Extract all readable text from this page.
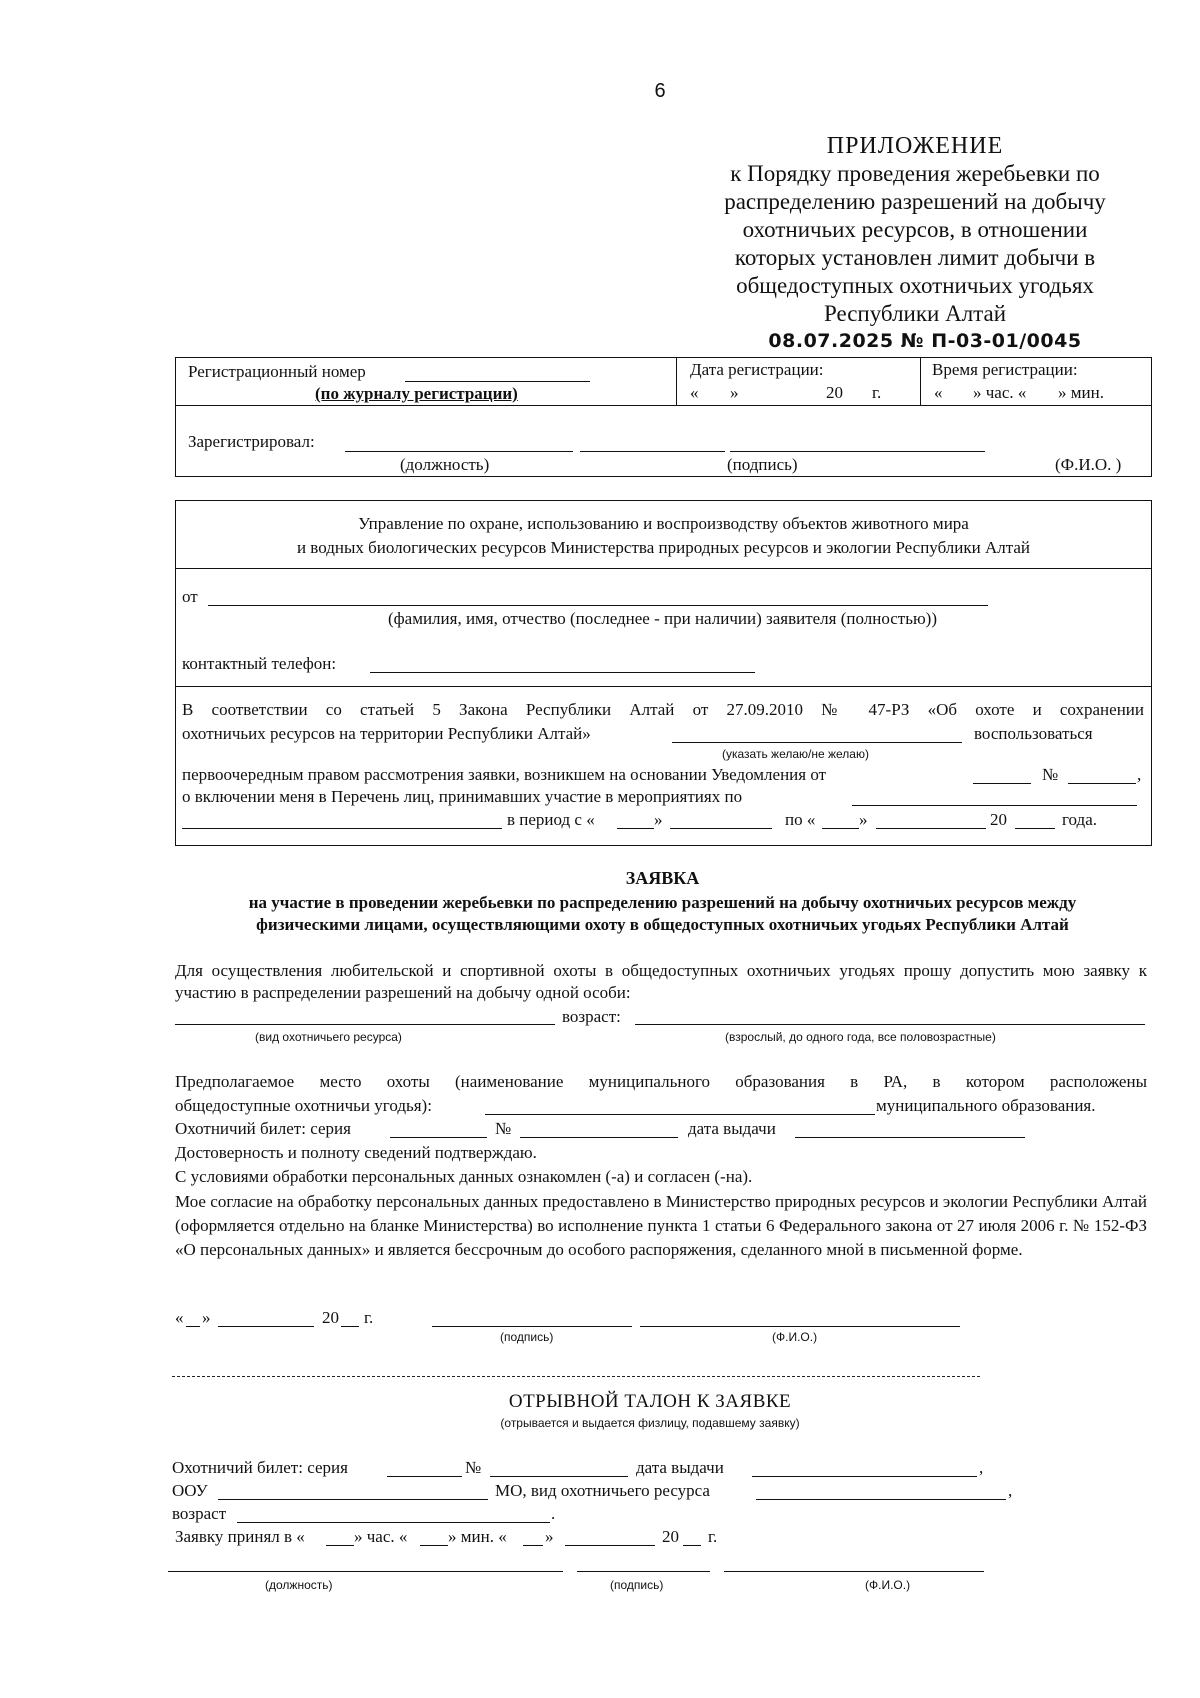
6
ПРИЛОЖЕНИЕ
к Порядку проведения жеребьевки по
распределению разрешений на добычу
охотничьих ресурсов, в отношении
которых установлен лимит добычи в
общедоступных охотничьих угодьях
Республики Алтай
08.07.2025 № П-03-01/0045
Регистрационный номер
(по журналу регистрации)
Дата регистрации:
« »	20 г.
Время регистрации:
« » час. « » мин.
Зарегистрировал:
(должность)	(подпись)	(Ф.И.О. )
Управление по охране, использованию и воспроизводству объектов животного мира
и водных биологических ресурсов Министерства природных ресурсов и экологии Республики Алтай
от
(фамилия, имя, отчество (последнее - при наличии) заявителя (полностью))
контактный телефон:
В соответствии со статьей 5 Закона Республики Алтай от 27.09.2010 № 47-РЗ «Об охоте и сохранении
охотничьих ресурсов на территории Республики Алтай»	воспользоваться
(указать желаю/не желаю)
первоочередным правом рассмотрения заявки, возникшем на основании Уведомления от	№	,
о включении меня в Перечень лиц, принимавших участие в мероприятиях по
в период с «	»	по «	»	20	года.
ЗАЯВКА
на участие в проведении жеребьевки по распределению разрешений на добычу охотничьих ресурсов между
физическими лицами, осуществляющими охоту в общедоступных охотничьих угодьях Республики Алтай
Для осуществления любительской и спортивной охоты в общедоступных охотничьих угодьях прошу допустить мою заявку к участию в распределении разрешений на добычу одной особи:
возраст:
(вид охотничьего ресурса)	(взрослый, до одного года, все половозрастные)
Предполагаемое место охоты (наименование муниципального образования в РА, в котором расположены
общедоступные охотничьи угодья):	муниципального образования.
Охотничий билет: серия	№	дата выдачи
Достоверность и полноту сведений подтверждаю.
С условиями обработки персональных данных ознакомлен (-а) и согласен (-на).
Мое согласие на обработку персональных данных предоставлено в Министерство природных ресурсов и экологии Республики Алтай (оформляется отдельно на бланке Министерства) во исполнение пункта 1 статьи 6 Федерального закона от 27 июля 2006 г. № 152-ФЗ «О персональных данных» и является бессрочным до особого распоряжения, сделанного мной в письменной форме.
« »	20 г.
(подпись)	(Ф.И.О.)
ОТРЫВНОЙ ТАЛОН К ЗАЯВКЕ
(отрывается и выдается физлицу, подавшему заявку)
Охотничий билет: серия	№	дата выдачи	,
ООУ	МО, вид охотничьего ресурса	,
возраст	.
Заявку принял в «	» час. « » мин. « »	20 г.
(должность)	(подпись)	(Ф.И.О.)
